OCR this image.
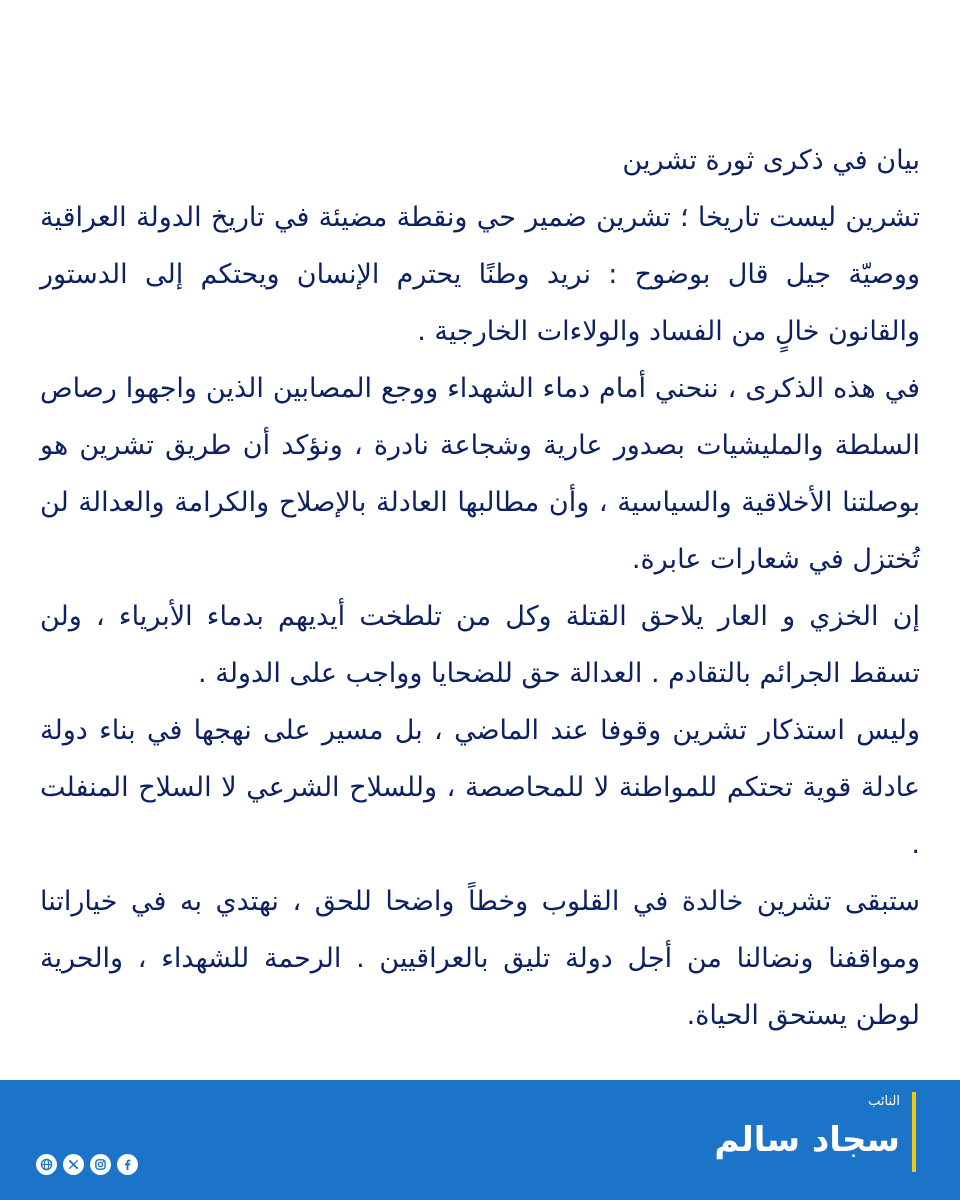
بيان في ذكرى ثورة تشرين

تشرين ليست تاريخا ؛ تشرين ضمير حي ونقطة مضيئة في تاريخ الدولة العراقية ووصيّة جيل قال بوضوح : نريد وطنًا يحترم الإنسان ويحتكم إلى الدستور والقانون خالٍ من الفساد والولاءات الخارجية .

في هذه الذكرى ، ننحني أمام دماء الشهداء ووجع المصابين الذين واجهوا رصاص السلطة والمليشيات بصدور عارية وشجاعة نادرة ، ونؤكد أن طريق تشرين هو بوصلتنا الأخلاقية والسياسية ، وأن مطالبها العادلة بالإصلاح والكرامة والعدالة لن تُختزل في شعارات عابرة.

إن الخزي و العار يلاحق القتلة وكل من تلطخت أيديهم بدماء الأبرياء ، ولن تسقط الجرائم بالتقادم . العدالة حق للضحايا وواجب على الدولة .

وليس استذكار تشرين وقوفا عند الماضي ، بل مسير على نهجها في بناء دولة عادلة قوية تحتكم للمواطنة لا للمحاصصة ، وللسلاح الشرعي لا السلاح المنفلت .

ستبقى تشرين خالدة في القلوب وخطاً واضحا للحق ، نهتدي به في خياراتنا ومواقفنا ونضالنا من أجل دولة تليق بالعراقيين . الرحمة للشهداء ، والحرية لوطن يستحق الحياة.

النائب
سجاد سالم
